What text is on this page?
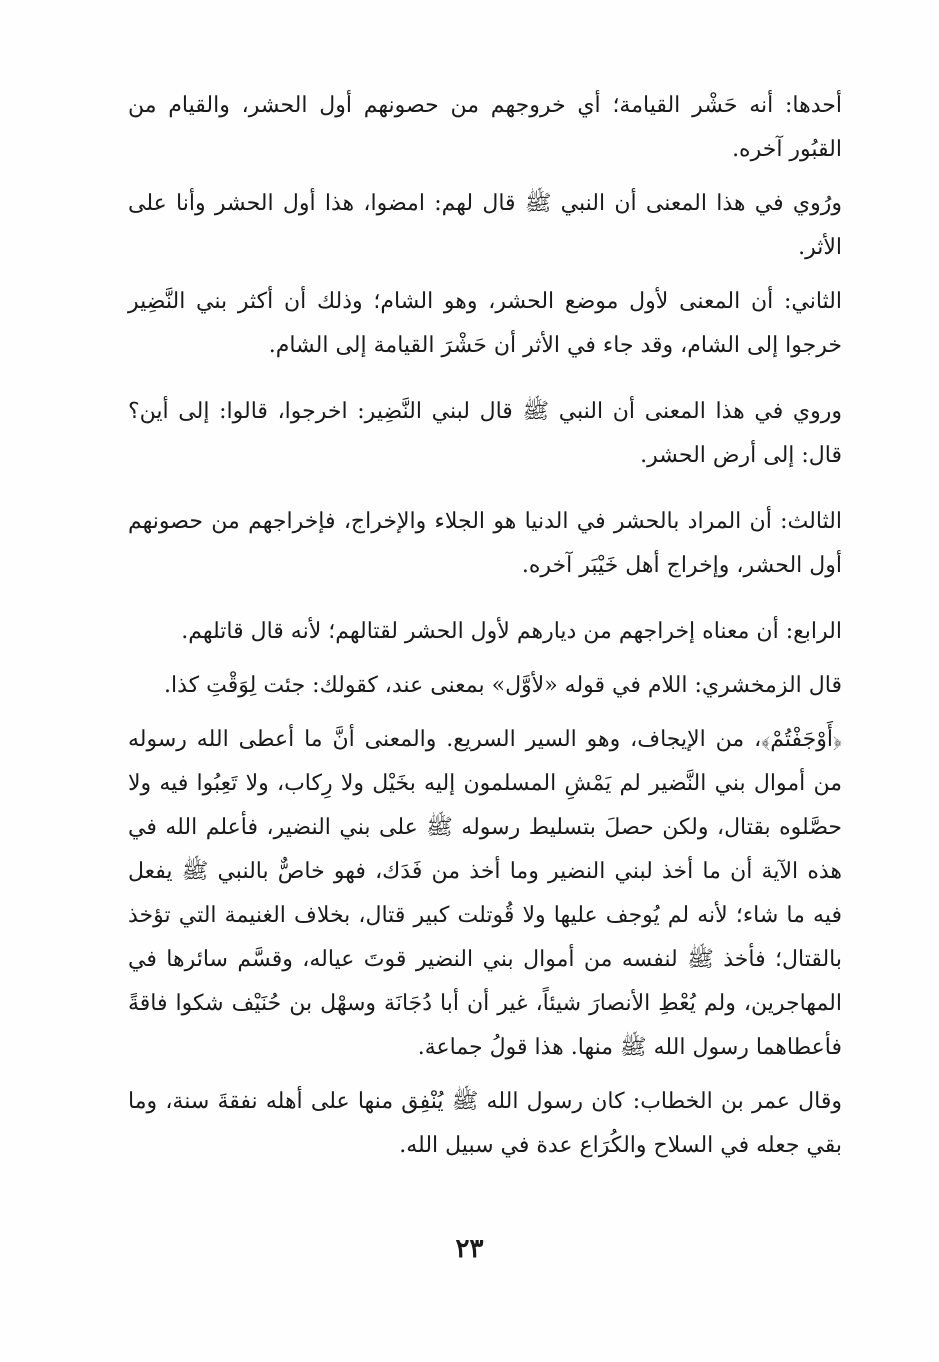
أحدها: أنه حَشْر القيامة؛ أي خروجهم من حصونهم أول الحشر، والقيام من القبُور آخره.

ورُوي في هذا المعنى أن النبي ﷺ قال لهم: امضوا، هذا أول الحشر وأنا على الأثر.

الثاني: أن المعنى لأول موضع الحشر، وهو الشام؛ وذلك أن أكثر بني النَّضِير خرجوا إلى الشام، وقد جاء في الأثر أن حَشْرَ القيامة إلى الشام.

وروي في هذا المعنى أن النبي ﷺ قال لبني النَّضِير: اخرجوا، قالوا: إلى أين؟ قال: إلى أرض الحشر.

الثالث: أن المراد بالحشر في الدنيا هو الجلاء والإخراج، فإخراجهم من حصونهم أول الحشر، وإخراج أهل خَيْبَر آخره.

الرابع: أن معناه إخراجهم من ديارهم لأول الحشر لقتالهم؛ لأنه قال قاتلهم.

قال الزمخشري: اللام في قوله «لأوَّل» بمعنى عند، كقولك: جئت لِوَقْتِ كذا.

﴿أَوْجَفْتُمْ﴾، من الإيجاف، وهو السير السريع. والمعنى أنَّ ما أعطى الله رسوله من أموال بني النَّضير لم يَمْشِ المسلمون إليه بخَيْل ولا رِكاب، ولا تَعِبُوا فيه ولا حصَّلوه بقتال، ولكن حصلَ بتسليط رسوله ﷺ على بني النضير، فأعلم الله في هذه الآية أن ما أخذ لبني النضير وما أخذ من فَدَك، فهو خاصٌّ بالنبي ﷺ يفعل فيه ما شاء؛ لأنه لم يُوجف عليها ولا قُوتلت كبير قتال، بخلاف الغنيمة التي تؤخذ بالقتال؛ فأخذ ﷺ لنفسه من أموال بني النضير قوتَ عياله، وقسَّم سائرها في المهاجرين، ولم يُعْطِ الأنصارَ شيئاً، غير أن أبا دُجَانَة وسهْل بن حُنَيْف شكوا فاقةً فأعطاهما رسول الله ﷺ منها. هذا قولُ جماعة.

وقال عمر بن الخطاب: كان رسول الله ﷺ يُنْفِق منها على أهله نفقةَ سنة، وما بقي جعله في السلاح والكُرَاع عدة في سبيل الله.

٢٣
